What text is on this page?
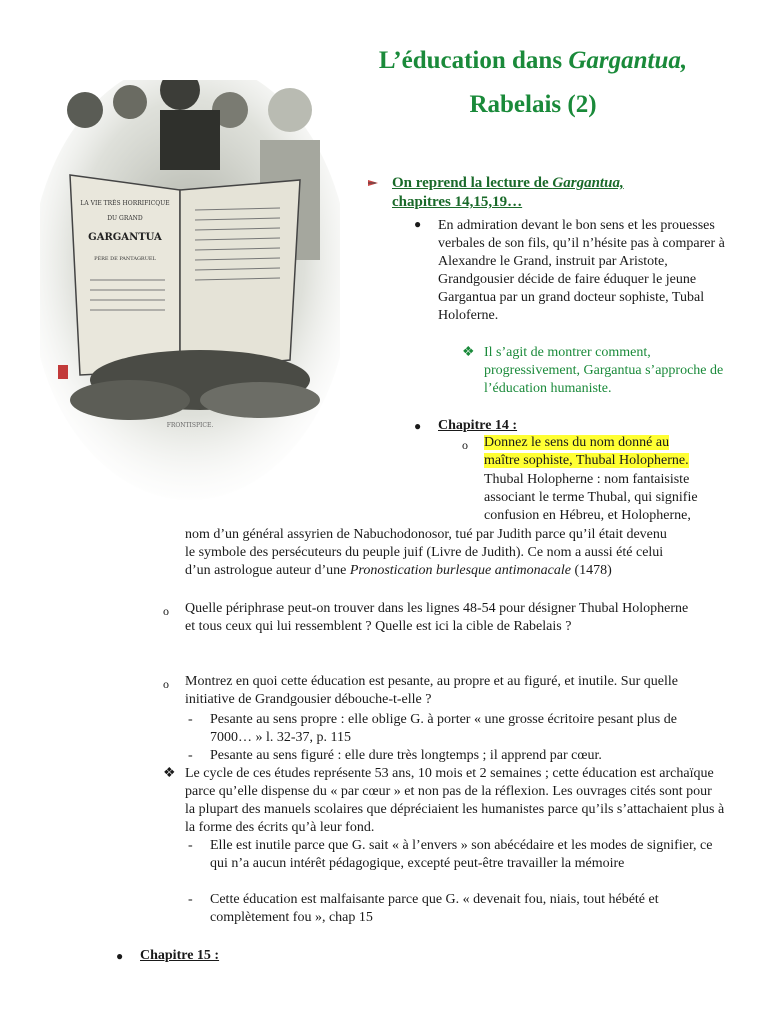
L’éducation dans Gargantua,
Rabelais (2)
LA VIE TRÈS HORRIFICQUE
DU GRAND
GARGANTUA
PÈRE DE PANTAGRUEL
FRONTISPICE.
On reprend la lecture de Gargantua,
chapitres 14,15,19…
● En admiration devant le bon sens et les prouesses verbales de son fils, qu’il n’hésite pas à comparer à Alexandre le Grand, instruit par Aristote, Grandgousier décide de faire éduquer le jeune Gargantua par un grand docteur sophiste, Tubal Holoferne.
❖ Il s’agit de montrer comment, progressivement, Gargantua s’approche de l’éducation humaniste.
● Chapitre 14 :
o Donnez le sens du nom donné au
maître sophiste, Thubal Holopherne.
Thubal Holopherne : nom fantaisiste
associant le terme Thubal, qui signifie
confusion en Hébreu, et Holopherne,
nom d’un général assyrien de Nabuchodonosor, tué par Judith parce qu’il était devenu
le symbole des persécuteurs du peuple juif (Livre de Judith). Ce nom a aussi été celui
d’un astrologue auteur d’une Pronostication burlesque antimonacale (1478)
o Quelle périphrase peut-on trouver dans les lignes 48-54 pour désigner Thubal Holopherne et tous ceux qui lui ressemblent ? Quelle est ici la cible de Rabelais ?
o Montrez en quoi cette éducation est pesante, au propre et au figuré, et inutile. Sur quelle initiative de Grandgousier débouche-t-elle ?
- Pesante au sens propre : elle oblige G. à porter « une grosse écritoire pesant plus de 7000… » l. 32-37, p. 115
- Pesante au sens figuré : elle dure très longtemps ; il apprend par cœur.
❖ Le cycle de ces études représente 53 ans, 10 mois et 2 semaines ; cette éducation est archaïque parce qu’elle dispense du « par cœur » et non pas de la réflexion. Les ouvrages cités sont pour la plupart des manuels scolaires que dépréciaient les humanistes parce qu’ils s’attachaient plus à la forme des écrits qu’à leur fond.
- Elle est inutile parce que G. sait « à l’envers » son abécédaire et les modes de signifier, ce qui n’a aucun intérêt pédagogique, excepté peut-être travailler la mémoire
- Cette éducation est malfaisante parce que G. « devenait fou, niais, tout hébété et complètement fou », chap 15
● Chapitre 15 :
